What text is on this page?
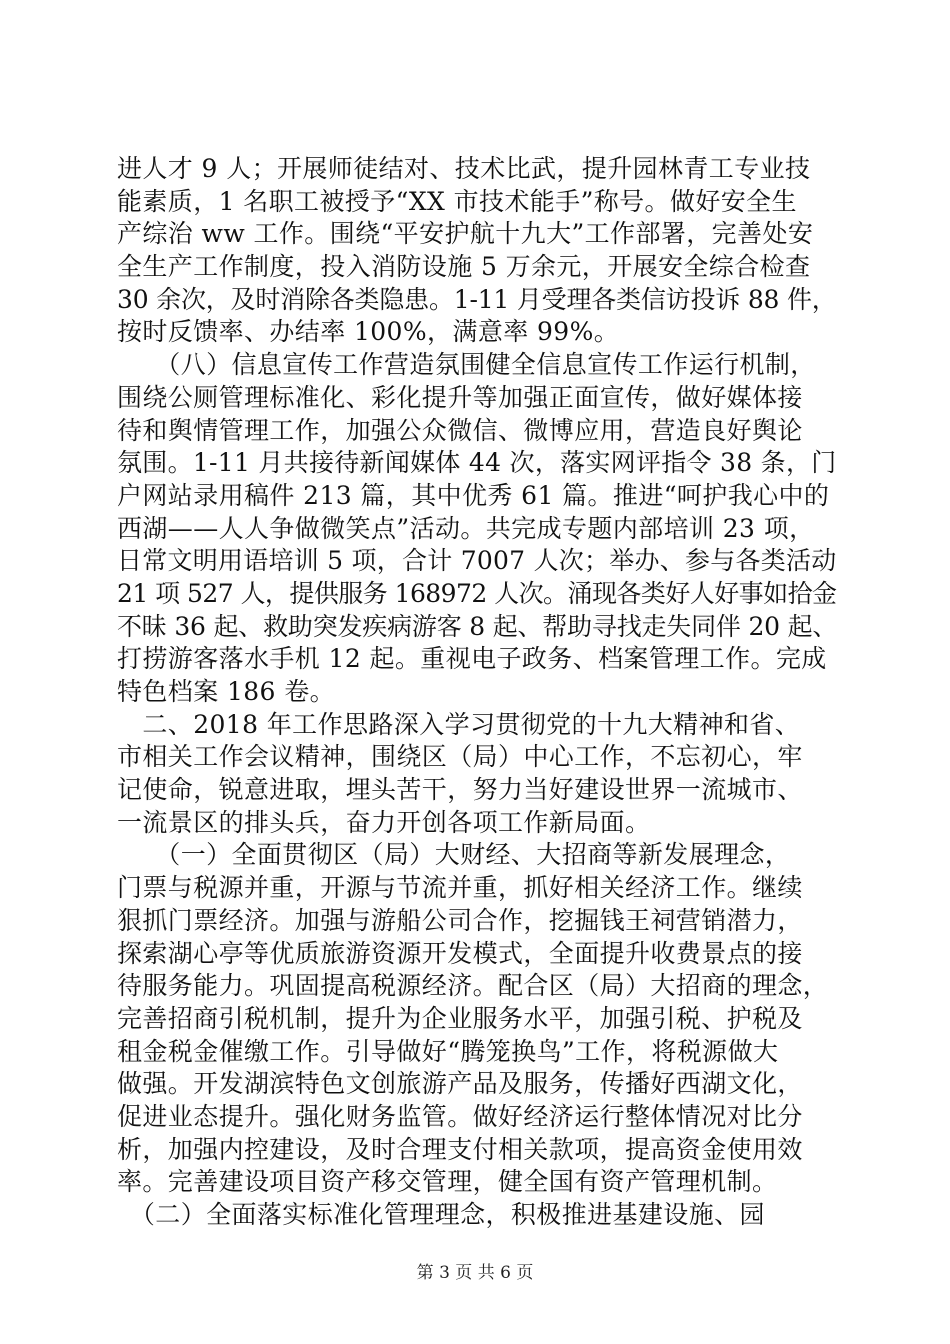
进人才 9 人；开展师徒结对、技术比武，提升园林青工专业技
能素质，1 名职工被授予“XX 市技术能手”称号。做好安全生
产综治 ww 工作。围绕“平安护航十九大”工作部署，完善处安
全生产工作制度，投入消防设施 5 万余元，开展安全综合检查
30 余次，及时消除各类隐患。1-11 月受理各类信访投诉 88 件，
按时反馈率、办结率 100%，满意率 99%。
　　（八）信息宣传工作营造氛围健全信息宣传工作运行机制，
围绕公厕管理标准化、彩化提升等加强正面宣传，做好媒体接
待和舆情管理工作，加强公众微信、微博应用，营造良好舆论
氛围。1-11 月共接待新闻媒体 44 次，落实网评指令 38 条，门
户网站录用稿件 213 篇，其中优秀 61 篇。推进“呵护我心中的
西湖——人人争做微笑点”活动。共完成专题内部培训 23 项，
日常文明用语培训 5 项，合计 7007 人次；举办、参与各类活动
21 项 527 人，提供服务 168972 人次。涌现各类好人好事如拾金
不昧 36 起、救助突发疾病游客 8 起、帮助寻找走失同伴 20 起、
打捞游客落水手机 12 起。重视电子政务、档案管理工作。完成
特色档案 186 卷。
　二、2018 年工作思路深入学习贯彻党的十九大精神和省、
市相关工作会议精神，围绕区（局）中心工作，不忘初心，牢
记使命，锐意进取，埋头苦干，努力当好建设世界一流城市、
一流景区的排头兵，奋力开创各项工作新局面。
　　（一）全面贯彻区（局）大财经、大招商等新发展理念，
门票与税源并重，开源与节流并重，抓好相关经济工作。继续
狠抓门票经济。加强与游船公司合作，挖掘钱王祠营销潜力，
探索湖心亭等优质旅游资源开发模式，全面提升收费景点的接
待服务能力。巩固提高税源经济。配合区（局）大招商的理念，
完善招商引税机制，提升为企业服务水平，加强引税、护税及
租金税金催缴工作。引导做好“腾笼换鸟”工作，将税源做大
做强。开发湖滨特色文创旅游产品及服务，传播好西湖文化，
促进业态提升。强化财务监管。做好经济运行整体情况对比分
析，加强内控建设，及时合理支付相关款项，提高资金使用效
率。完善建设项目资产移交管理，健全国有资产管理机制。
　（二）全面落实标准化管理理念，积极推进基建设施、园
第 3 页 共 6 页
